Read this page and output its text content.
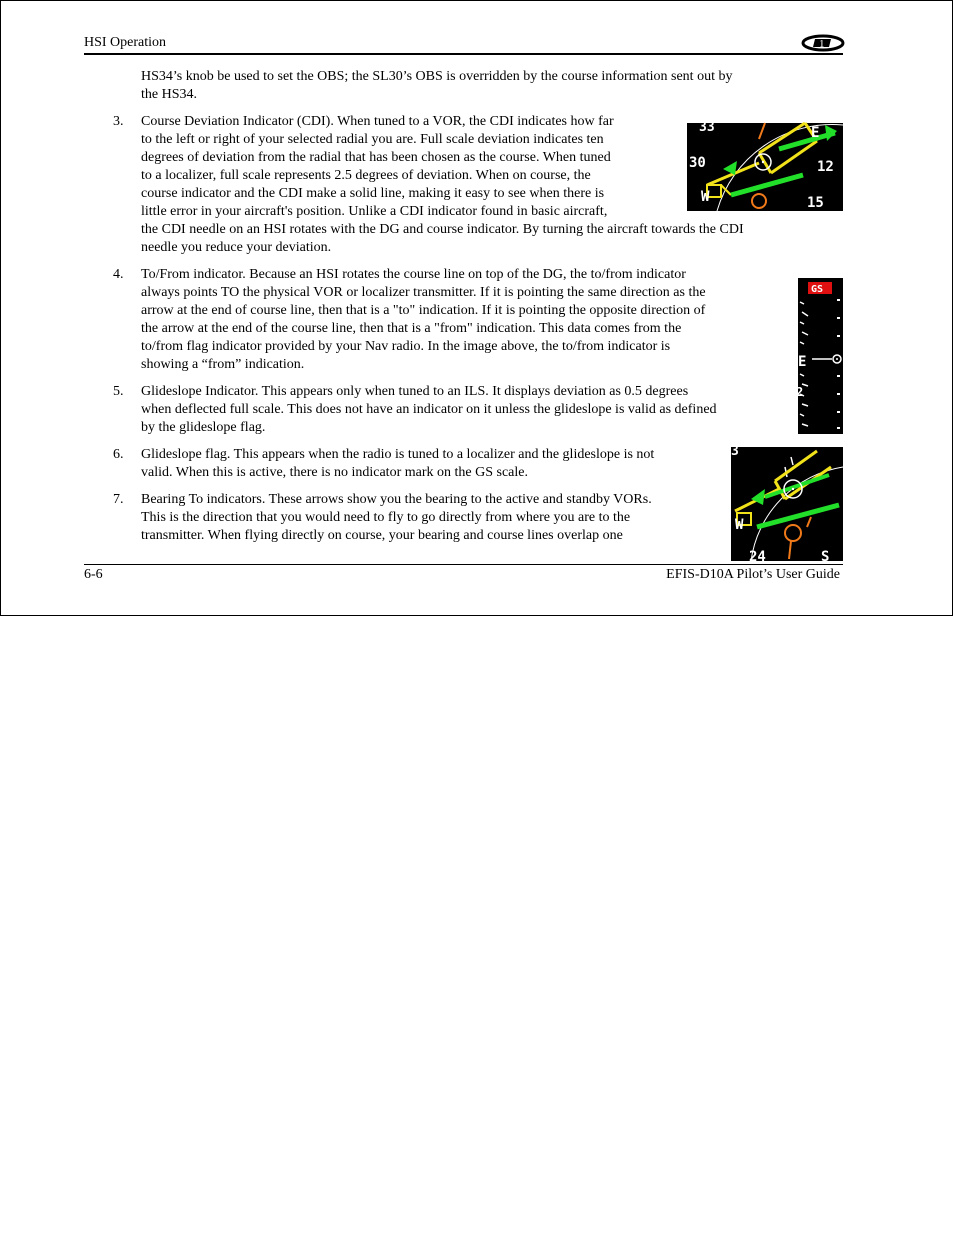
HSI Operation	1
HS34’s knob be used to set the OBS; the SL30’s OBS is overridden by the course information sent out by
the HS34.
3. Course Deviation Indicator (CDI). When tuned to a VOR, the CDI indicates how far
to the left or right of your selected radial you are. Full scale deviation indicates ten
degrees of deviation from the radial that has been chosen as the course. When tuned
to a localizer, full scale represents 2.5 degrees of deviation. When on course, the
course indicator and the CDI make a solid line, making it easy to see when there is
little error in your aircraft's position. Unlike a CDI indicator found in basic aircraft,
the CDI needle on an HSI rotates with the DG and course indicator. By turning the aircraft towards the CDI
needle you reduce your deviation.
33	E
30	12
W	15
4. To/From indicator. Because an HSI rotates the course line on top of the DG, the to/from indicator
always points TO the physical VOR or localizer transmitter. If it is pointing the same direction as the
arrow at the end of course line, then that is a "to" indication. If it is pointing the opposite direction of
the arrow at the end of the course line, then that is a "from" indication. This data comes from the
to/from flag indicator provided by your Nav radio. In the image above, the to/from indicator is
showing a “from” indication.
GS
E
2
5. Glideslope Indicator. This appears only when tuned to an ILS. It displays deviation as 0.5 degrees
when deflected full scale. This does not have an indicator on it unless the glideslope is valid as defined
by the glideslope flag.
6. Glideslope flag. This appears when the radio is tuned to a localizer and the glideslope is not
valid. When this is active, there is no indicator mark on the GS scale.
7. Bearing To indicators. These arrows show you the bearing to the active and standby VORs.
This is the direction that you would need to fly to go directly from where you are to the
transmitter. When flying directly on course, your bearing and course lines overlap one
3
W
24	S
6-6	EFIS-D10A Pilot’s User Guide
